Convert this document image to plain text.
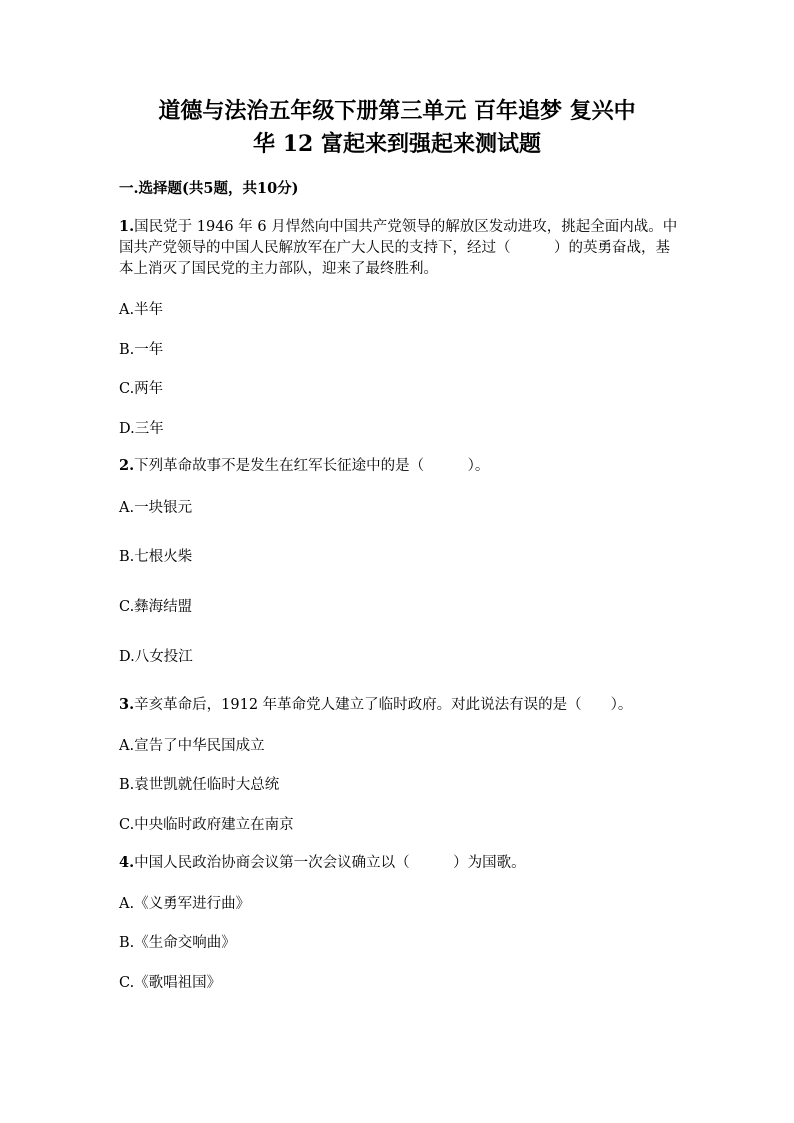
道德与法治五年级下册第三单元 百年追梦 复兴中
华 12 富起来到强起来测试题
一.选择题(共5题，共10分)
1.国民党于 1946 年 6 月悍然向中国共产党领导的解放区发动进攻，挑起全面内战。中国共产党领导的中国人民解放军在广大人民的支持下，经过（　　　）的英勇奋战，基本上消灭了国民党的主力部队，迎来了最终胜利。
A.半年
B.一年
C.两年
D.三年
2.下列革命故事不是发生在红军长征途中的是（　　　）。
A.一块银元
B.七根火柴
C.彝海结盟
D.八女投江
3.辛亥革命后，1912 年革命党人建立了临时政府。对此说法有误的是（　　）。
A.宣告了中华民国成立
B.袁世凯就任临时大总统
C.中央临时政府建立在南京
4.中国人民政治协商会议第一次会议确立以（　　　）为国歌。
A.《义勇军进行曲》
B.《生命交响曲》
C.《歌唱祖国》
